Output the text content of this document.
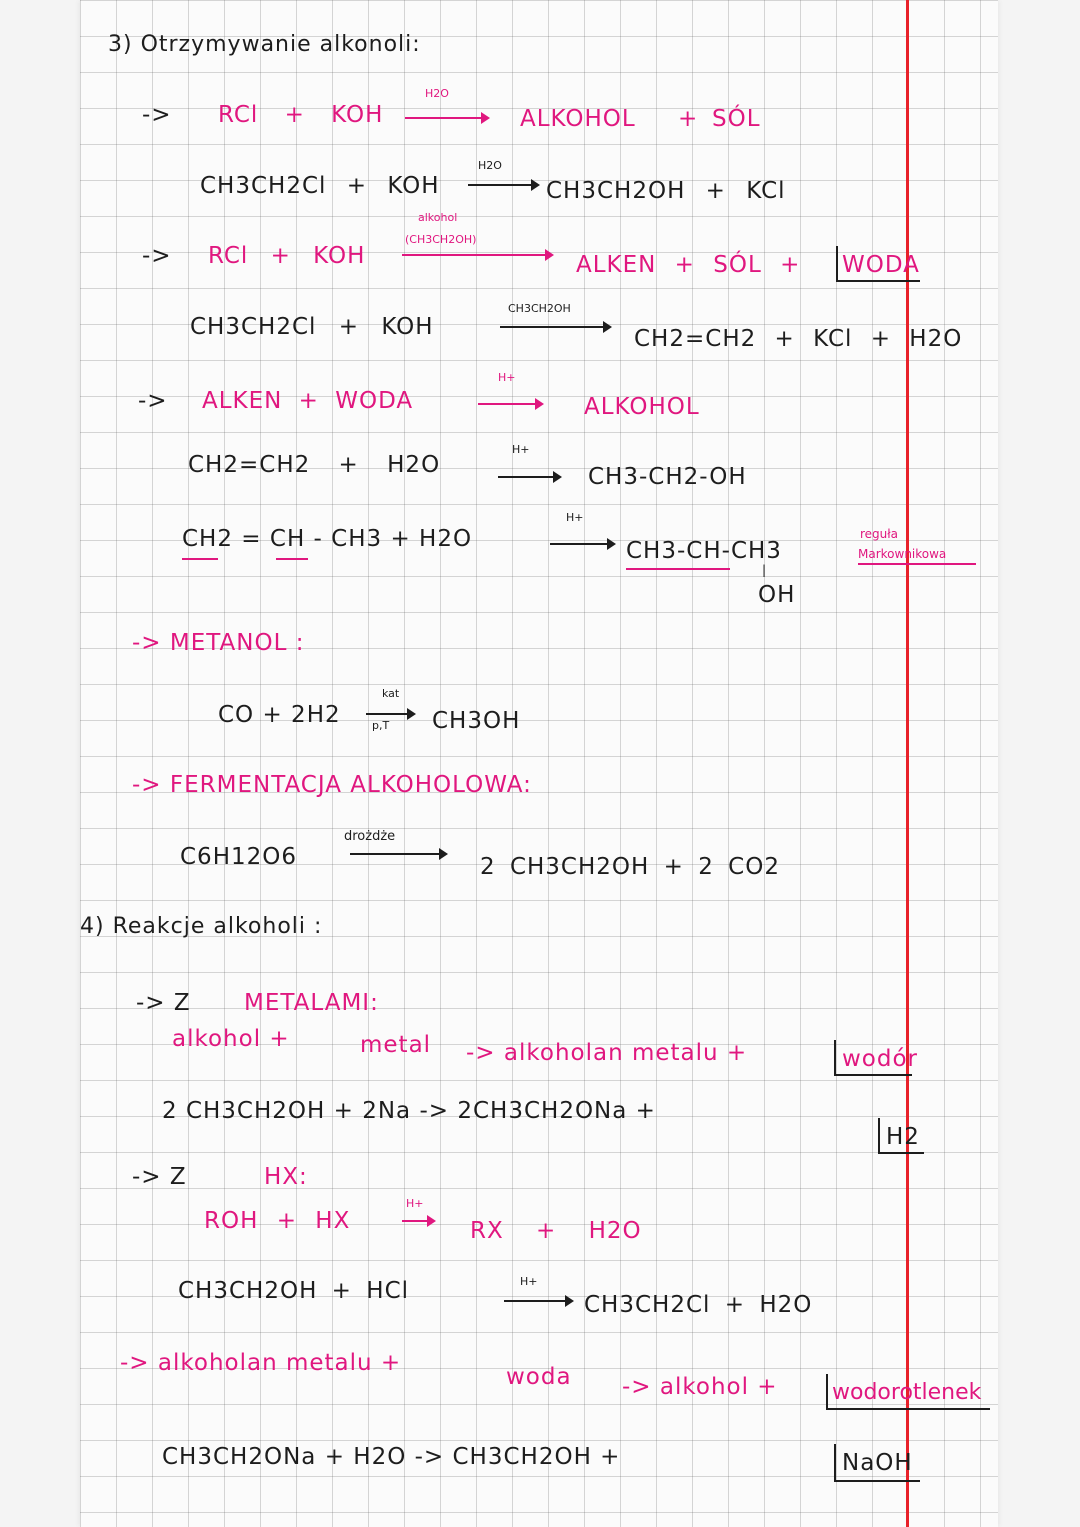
3) Otrzymywanie alkonoli:
-> RCl + KOH
H2O
ALKOHOL + SÓL
CH3CH2Cl + KOH
H2O
CH3CH2OH + KCl
-> RCl + KOH
alkohol
(CH3CH2OH)
ALKEN + SÓL + WODA
CH3CH2Cl + KOH
CH3CH2OH
CH2=CH2 + KCl + H2O
-> ALKEN + WODA
H+
ALKOHOL
CH2=CH2 + H2O
H+
CH3-CH2-OH
CH2 = CH - CH3 + H2O
H+
→ CH3-CH-CH3
|
OH
reguła
Markownikowa
-> METANOL :
CO + 2H2
kat
p,T → CH3OH
-> FERMENTACJA ALKOHOLOWA:
C6H12O6
drożdże
2 CH3CH2OH + 2 CO2
4) Reakcje alkoholi :
-> Z METALAMI:
alkohol +	metal -> alkoholan metalu +	wodór
2 CH3CH2OH + 2Na -> 2CH3CH2ONa +
H2
-> Z	HX:
ROH + HX
H+
RX + H2O
CH3CH2OH + HCl	H+
CH3CH2Cl + H2O
-> alkoholan metalu +
woda -> alkohol + wodorotlenek
CH3CH2ONa + H2O -> CH3CH2OH +	NaOH
